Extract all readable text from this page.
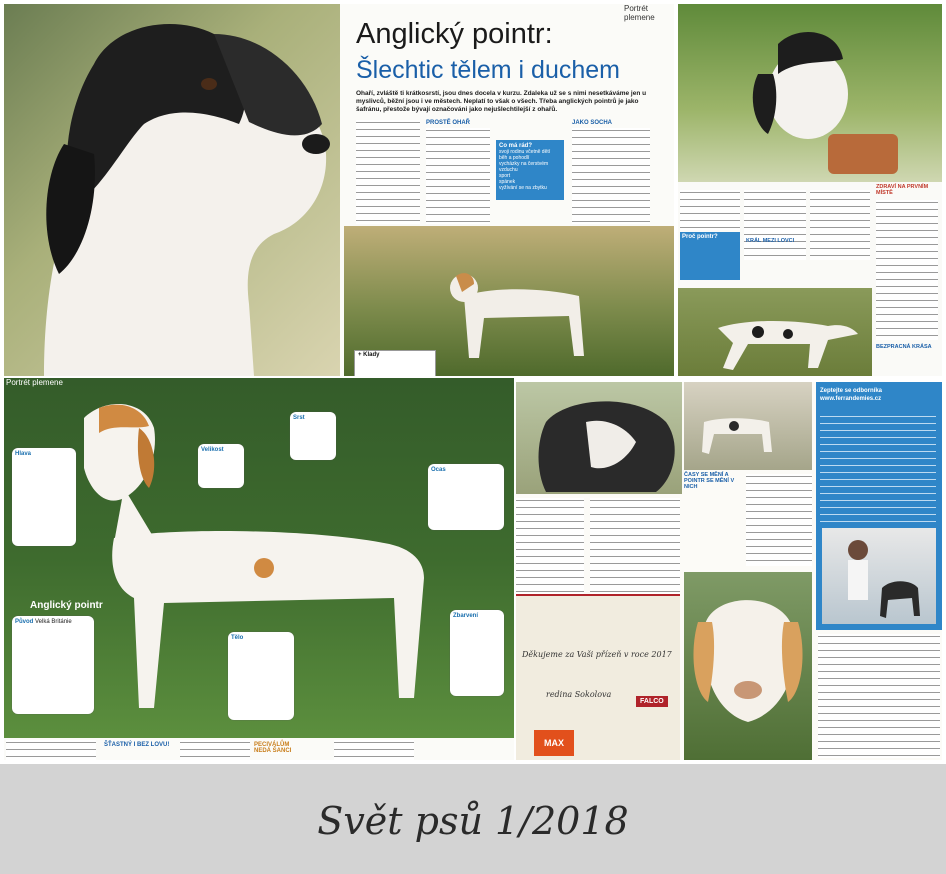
Portrét plemene
Anglický pointr:
Šlechtic tělem i duchem
Ohaří, zvláště ti krátkosrstí, jsou dnes docela v kurzu. Zdaleka už se s nimi nesetkáváme jen u myslivců, běžní jsou i ve městech. Neplatí to však o všech. Třeba anglických pointrů je jako šafránu, přestože bývají označováni jako nejušlechtilejší z ohařů.
PROSTĚ OHAŘ	JAKO SOCHA
Co má rád?
svoji rodinu včetně dětí
běh a pohodlí
vycházky na čerstvém vzduchu
sport
spánek
vyžívání se na zbytku
+ Klady
Proč pointr?
KRÁL MEZI LOVCI
ZDRAVÍ NA PRVNÍM MÍSTĚ
BEZPRACNÁ KRÁSA
Portrét plemene
Hlava
Velikost
Srst
Tělo
Ocas
Zbarvení
Anglický pointr
Původ Velká Británie
ŠŤASTNÝ I BEZ LOVU!	PECIVÁLŮM NEDÁ ŠANCI
Děkujeme za Vaši přízeň v roce 2017
redina Sokolova
FALCO
MAX
ČASY SE MĚNÍ A POINTR SE MĚNÍ V NICH
Zeptejte se odborníka
www.ferrandemies.cz
Svět psů 1/2018
